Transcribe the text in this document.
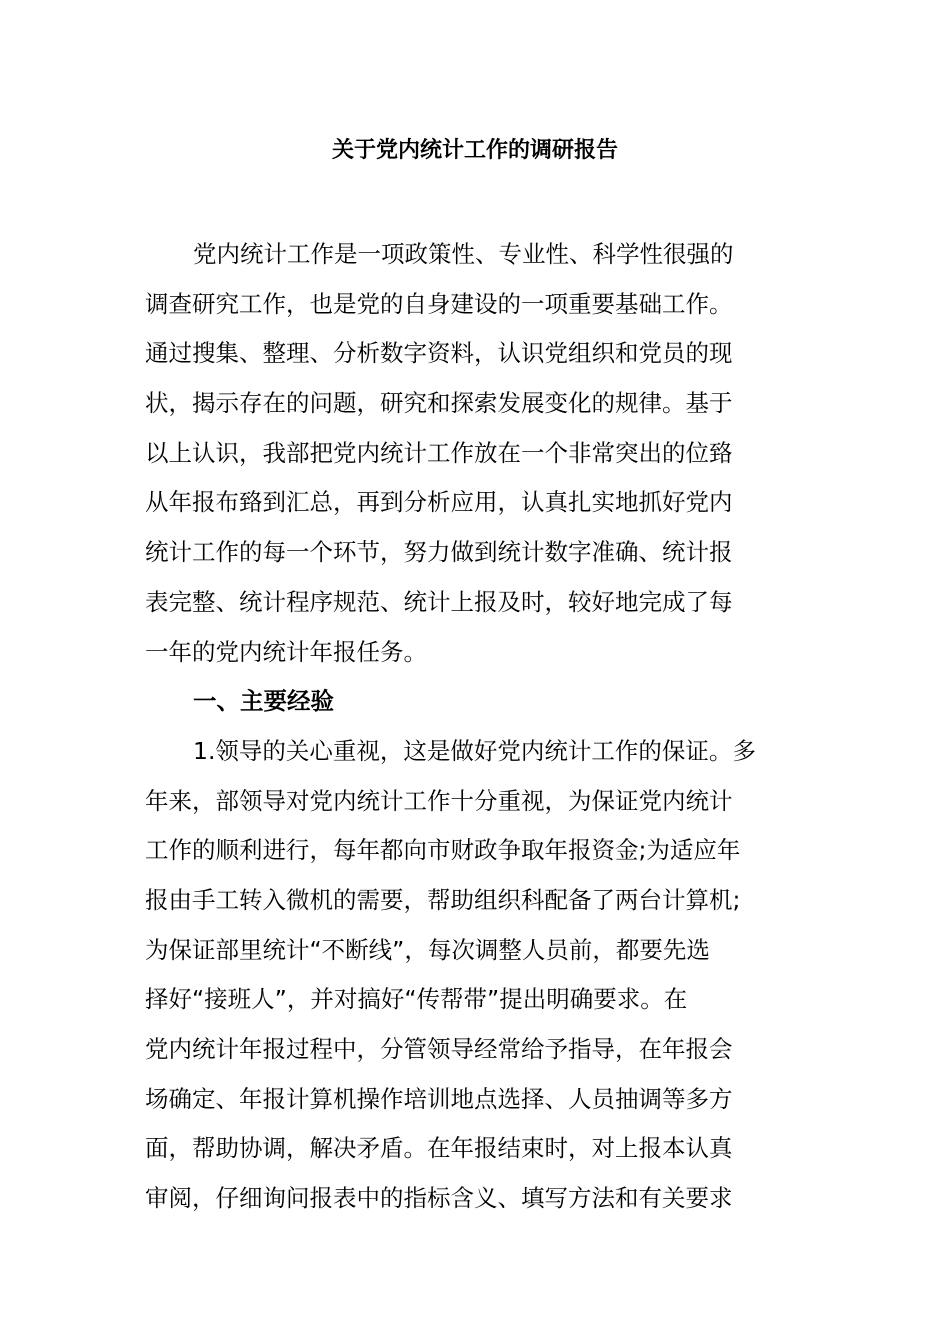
关于党内统计工作的调研报告
党内统计工作是一项政策性、专业性、科学性很强的
调查研究工作，也是党的自身建设的一项重要基础工作。
通过搜集、整理、分析数字资料，认识党组织和党员的现
状，揭示存在的问题，研究和探索发展变化的规律。基于
以上认识，我部把党内统计工作放在一个非常突出的位臵
从年报布臵到汇总，再到分析应用，认真扎实地抓好党内
统计工作的每一个环节，努力做到统计数字准确、统计报
表完整、统计程序规范、统计上报及时，较好地完成了每
一年的党内统计年报任务。
一、主要经验
1.领导的关心重视，这是做好党内统计工作的保证。多
年来，部领导对党内统计工作十分重视，为保证党内统计
工作的顺利进行，每年都向市财政争取年报资金;为适应年
报由手工转入微机的需要，帮助组织科配备了两台计算机;
为保证部里统计“不断线”，每次调整人员前，都要先选
择好“接班人”，并对搞好“传帮带”提出明确要求。在
党内统计年报过程中，分管领导经常给予指导，在年报会
场确定、年报计算机操作培训地点选择、人员抽调等多方
面，帮助协调，解决矛盾。在年报结束时，对上报本认真
审阅，仔细询问报表中的指标含义、填写方法和有关要求
